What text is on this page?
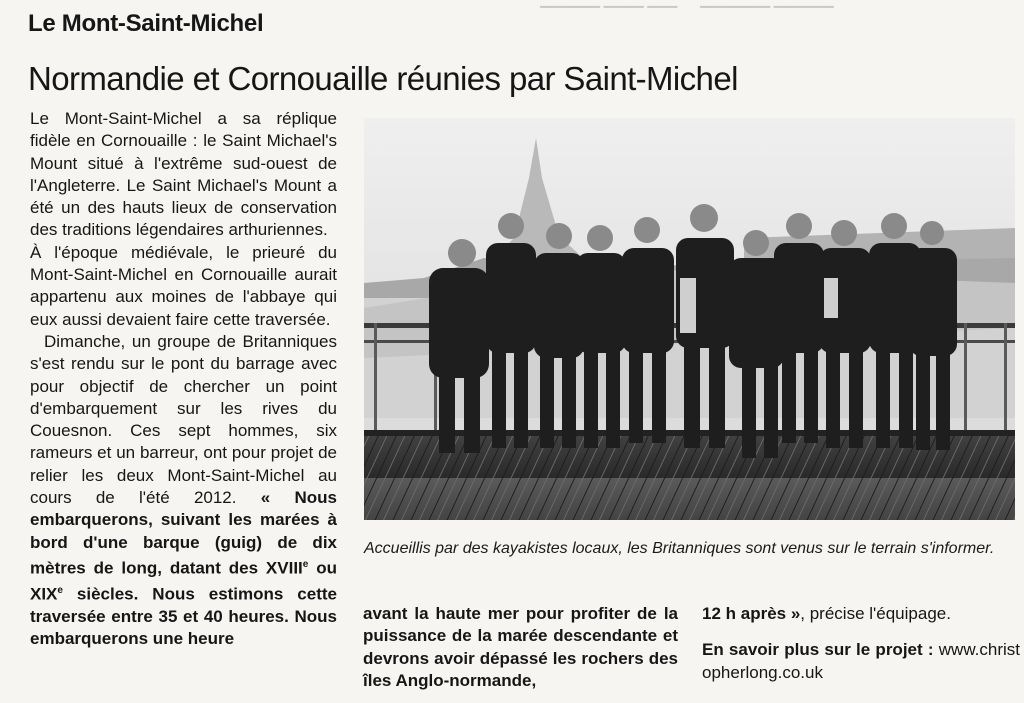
▔▔▔▔▔▔ ▔▔▔▔ ▔▔▔ ▔▔▔▔▔▔▔ ▔▔▔▔▔▔
Le Mont-Saint-Michel
Normandie et Cornouaille réunies par Saint-Michel

Le Mont-Saint-Michel a sa réplique fidèle en Cornouaille : le Saint Michael's Mount situé à l'extrême sud-ouest de l'Angleterre. Le Saint Michael's Mount a été un des hauts lieux de conservation des traditions légendaires arthuriennes.

À l'époque médiévale, le prieuré du Mont-Saint-Michel en Cornouaille aurait appartenu aux moines de l'abbaye qui eux aussi devaient faire cette traversée.

Dimanche, un groupe de Britanniques s'est rendu sur le pont du barrage avec pour objectif de chercher un point d'embarquement sur les rives du Couesnon. Ces sept hommes, six rameurs et un barreur, ont pour projet de relier les deux Mont-Saint-Michel au cours de l'été 2012. « Nous embarquerons, suivant les marées à bord d'une barque (guig) de dix mètres de long, datant des XVIIIe ou XIXe siècles. Nous estimons cette traversée entre 35 et 40 heures. Nous embarquerons une heure

Accueillis par des kayakistes locaux, les Britanniques sont venus sur le terrain s'informer.

avant la haute mer pour profiter de la puissance de la marée descendante et devrons avoir dépassé les rochers des îles Anglo-normande,

12 h après », précise l'équipage.

En savoir plus sur le projet : www.christopherlong.co.uk
